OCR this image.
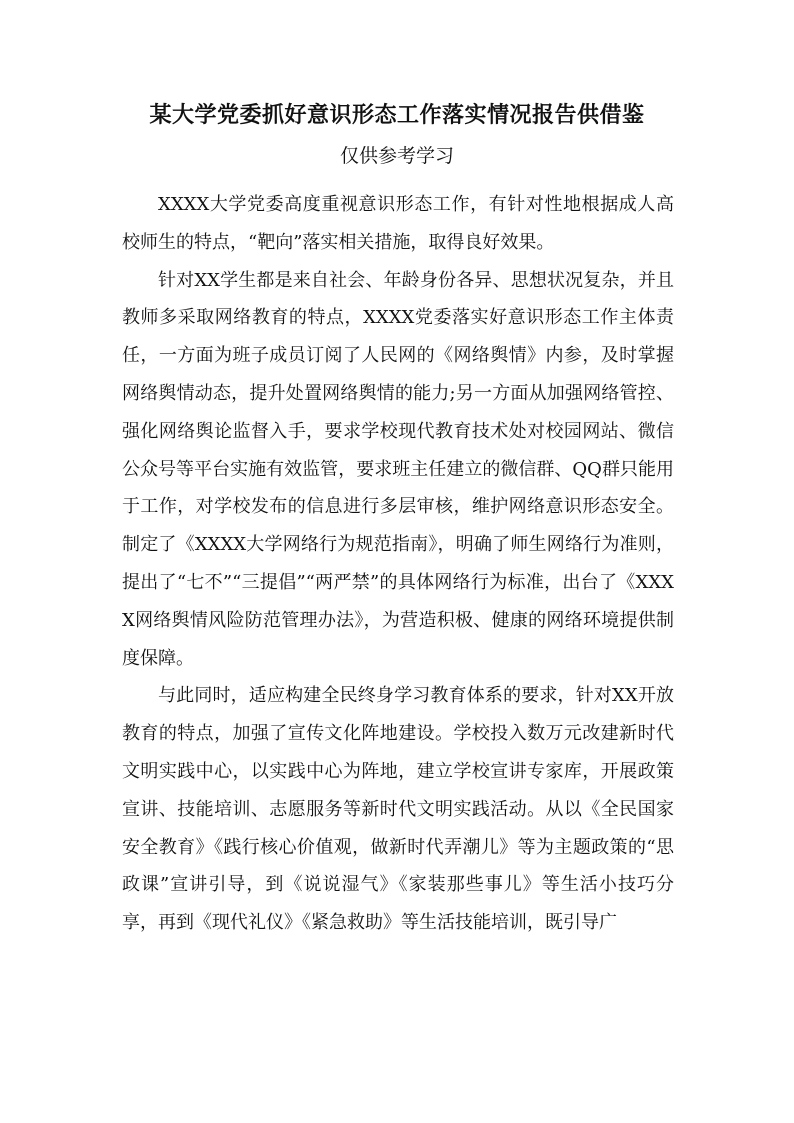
某大学党委抓好意识形态工作落实情况报告供借鉴
仅供参考学习

XXXX大学党委高度重视意识形态工作，有针对性地根据成人高校师生的特点，“靶向”落实相关措施，取得良好效果。

针对XX学生都是来自社会、年龄身份各异、思想状况复杂，并且教师多采取网络教育的特点，XXXX党委落实好意识形态工作主体责任，一方面为班子成员订阅了人民网的《网络舆情》内参，及时掌握网络舆情动态，提升处置网络舆情的能力;另一方面从加强网络管控、强化网络舆论监督入手，要求学校现代教育技术处对校园网站、微信公众号等平台实施有效监管，要求班主任建立的微信群、QQ群只能用于工作，对学校发布的信息进行多层审核，维护网络意识形态安全。制定了《XXXX大学网络行为规范指南》，明确了师生网络行为准则，提出了“七不”“三提倡”“两严禁”的具体网络行为标准，出台了《XXXX网络舆情风险防范管理办法》，为营造积极、健康的网络环境提供制度保障。

与此同时，适应构建全民终身学习教育体系的要求，针对XX开放教育的特点，加强了宣传文化阵地建设。学校投入数万元改建新时代文明实践中心，以实践中心为阵地，建立学校宣讲专家库，开展政策宣讲、技能培训、志愿服务等新时代文明实践活动。从以《全民国家安全教育》《践行核心价值观，做新时代弄潮儿》等为主题政策的“思政课”宣讲引导，到《说说湿气》《家装那些事儿》等生活小技巧分享，再到《现代礼仪》《紧急救助》等生活技能培训，既引导广
